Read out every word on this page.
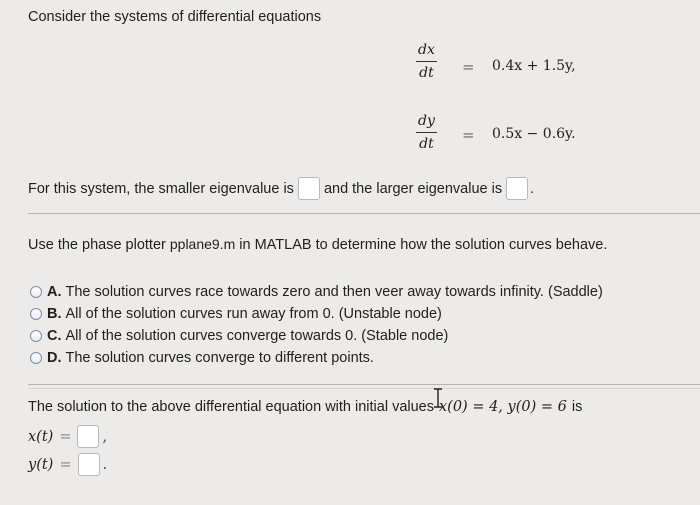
Consider the systems of differential equations
$\frac{dx}{dt} = 0.4x + 1.5y$,
$\frac{dy}{dt} = 0.5x - 0.6y$.
For this system, the smaller eigenvalue is and the larger eigenvalue is .
Use the phase plotter pplane9.m in MATLAB to determine how the solution curves behave.
A. The solution curves race towards zero and then veer away towards infinity. (Saddle)
B. All of the solution curves run away from 0. (Unstable node)
C. All of the solution curves converge towards 0. (Stable node)
D. The solution curves converge to different points.
The solution to the above differential equation with initial values x(0) = 4, y(0) = 6 is
x(t) = ,
y(t) = .
